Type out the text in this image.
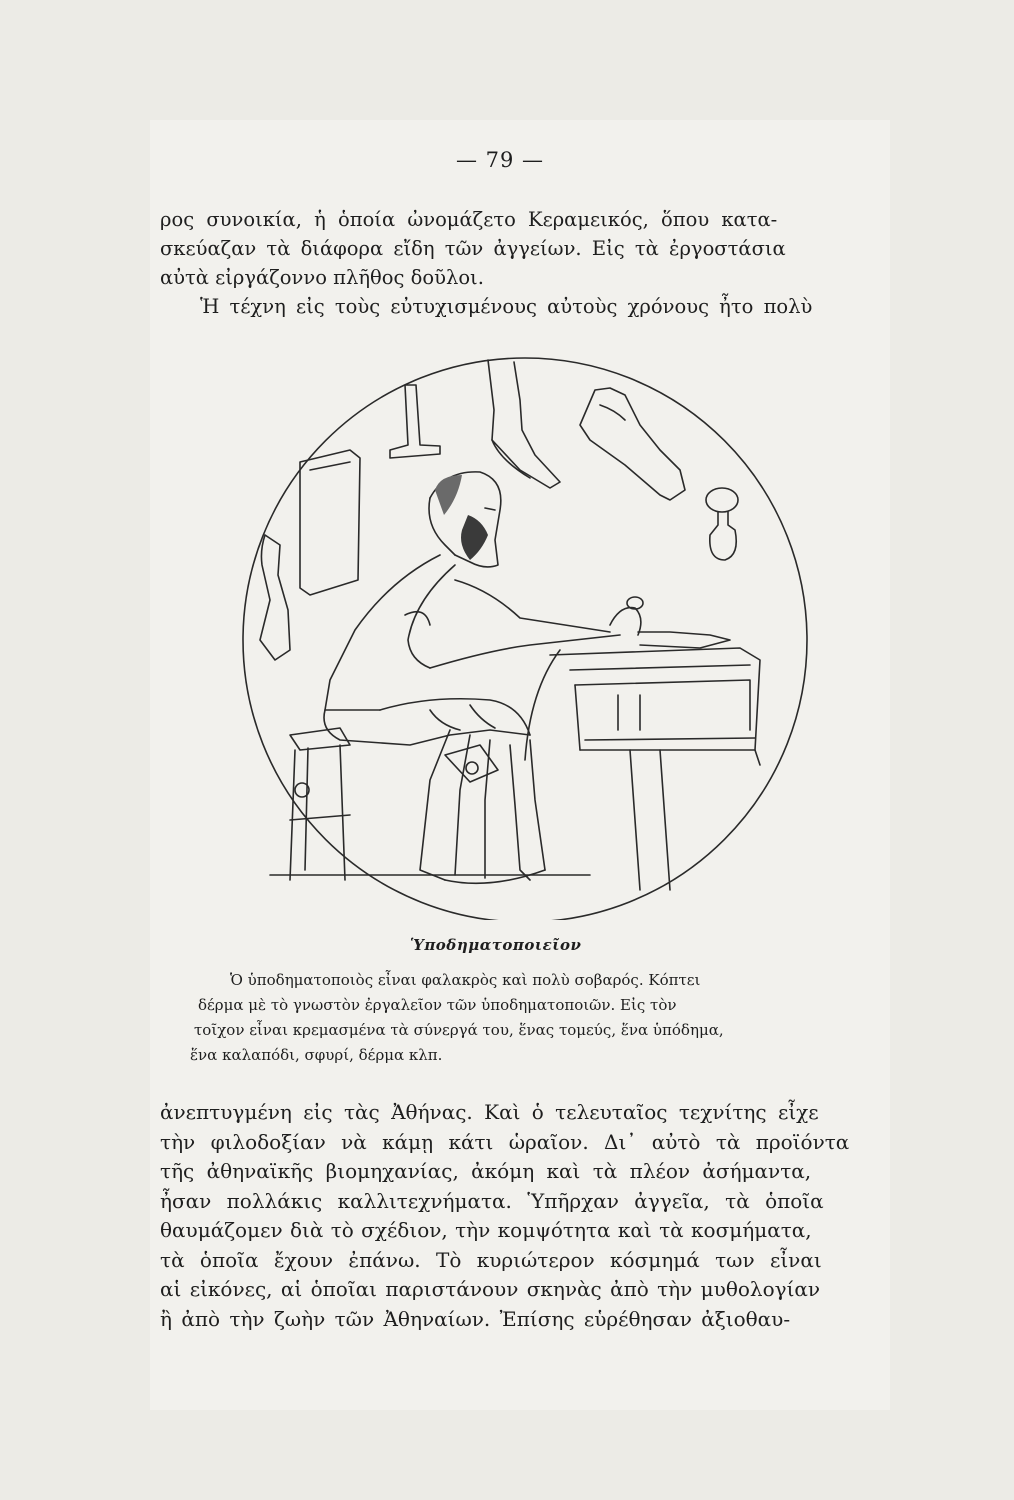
— 79 —

ρος συνοικία, ἡ ὁποία ὠνομάζετο Κεραμεικός, ὅπου κατα-
σκεύαζαν τὰ διάφορα εἴδη τῶν ἀγγείων. Εἰς τὰ ἐργοστάσια
αὐτὰ εἰργάζοννο πλῆθος δοῦλοι.
Ἡ τέχνη εἰς τοὺς εὐτυχισμένους αὐτοὺς χρόνους ἦτο πολὺ

Ὑποδηματοποιεῖον

Ὁ ὑποδηματοποιὸς εἶναι φαλακρὸς καὶ πολὺ σοβαρός. Κόπτει
δέρμα μὲ τὸ γνωστὸν ἐργαλεῖον τῶν ὑποδηματοποιῶν. Εἰς τὸν
τοῖχον εἶναι κρεμασμένα τὰ σύνεργά του, ἕνας τομεύς, ἕνα ὑπόδημα,
ἕνα καλαπόδι, σφυρί, δέρμα κλπ.

ἀνεπτυγμένη εἰς τὰς Ἀθήνας. Καὶ ὁ τελευταῖος τεχνίτης εἶχε
τὴν φιλοδοξίαν νὰ κάμῃ κάτι ὡραῖον. Δι᾽ αὐτὸ τὰ προϊόντα
τῆς ἀθηναϊκῆς βιομηχανίας, ἀκόμη καὶ τὰ πλέον ἀσήμαντα,
ἦσαν πολλάκις καλλιτεχνήματα. Ὑπῆρχαν ἀγγεῖα, τὰ ὁποῖα
θαυμάζομεν διὰ τὸ σχέδιον, τὴν κομψότητα καὶ τὰ κοσμήματα,
τὰ ὁποῖα ἔχουν ἐπάνω. Τὸ κυριώτερον κόσμημά των εἶναι
αἱ εἰκόνες, αἱ ὁποῖαι παριστάνουν σκηνὰς ἀπὸ τὴν μυθολογίαν
ἢ ἀπὸ τὴν ζωὴν τῶν Ἀθηναίων. Ἐπίσης εὑρέθησαν ἀξιοθαυ-
